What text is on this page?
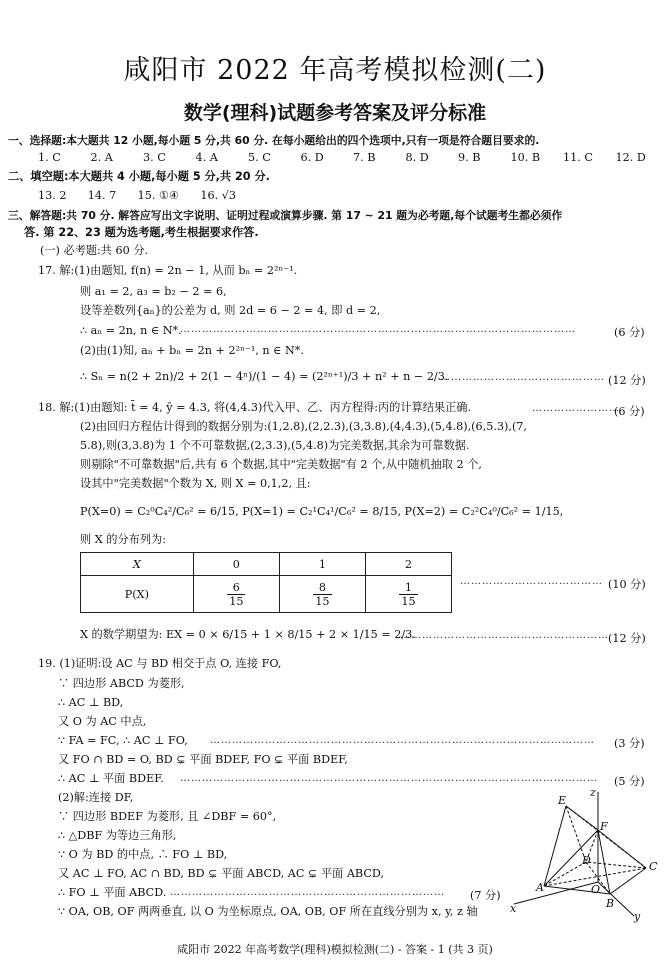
咸阳市 2022 年高考模拟检测(二)
数学(理科)试题参考答案及评分标准
一、选择题:本大题共 12 小题,每小题 5 分,共 60 分. 在每小题给出的四个选项中,只有一项是符合题目要求的.
1. C	2. A	3. C	4. A	5. C	6. D	7. B	8. D	9. B	10. B 11. C 12. D
二、填空题:本大题共 4 小题,每小题 5 分,共 20 分.
13. 2      14. 7      15. ①④      16. √3
三、解答题:共 70 分. 解答应写出文字说明、证明过程或演算步骤. 第 17 ~ 21 题为必考题,每个试题考生都必须作
答. 第 22、23 题为选考题,考生根据要求作答.
(一) 必考题:共 60 分.
17. 解:(1)由题知, f(n) = 2n − 1, 从而 bₙ = 2²ⁿ⁻¹.
则 a₁ = 2, a₃ = b₂ − 2 = 6,
设等差数列{aₙ}的公差为 d, 则 2d = 6 − 2 = 4, 即 d = 2,
∴ aₙ = 2n, n ∈ N*.
………………………………………………………………………………………………	(6 分)
(2)由(1)知, aₙ + bₙ = 2n + 2²ⁿ⁻¹, n ∈ N*.
∴ Sₙ = n(2 + 2n)/2 + 2(1 − 4ⁿ)/(1 − 4) = (2²ⁿ⁺¹)/3 + n² + n − 2/3.
……………………………………… (12 分)
18. 解:(1)由题知: t̄ = 4, ȳ = 4.3, 将(4,4.3)代入甲、乙、丙方程得:丙的计算结果正确.	……………………
(6 分)
(2)由回归方程估计得到的数据分别为:(1,2.8),(2,2.3),(3,3.8),(4,4.3),(5,4.8),(6,5.3),(7,
5.8),则(3,3.8)为 1 个不可靠数据,(2,3.3),(5,4.8)为完美数据,其余为可靠数据.
则剔除"不可靠数据"后,共有 6 个数据,其中"完美数据"有 2 个,从中随机抽取 2 个,
设其中"完美数据"个数为 X, 则 X = 0,1,2, 且:
P(X=0) = C₂⁰C₄²/C₆² = 6/15, P(X=1) = C₂¹C₄¹/C₆² = 8/15, P(X=2) = C₂²C₄⁰/C₆² = 1/15,
则 X 的分布列为:
X	0	1	2
P(X)	$\frac{6}{15}$	$\frac{8}{15}$	$\frac{1}{15}$	………………………………… (10 分)
X 的数学期望为: EX = 0 × 6/15 + 1 × 8/15 + 2 × 1/15 = 2/3.
………………………………………………… (12 分)
19. (1)证明:设 AC 与 BD 相交于点 O, 连接 FO,
∵ 四边形 ABCD 为菱形,
∴ AC ⊥ BD,
又 O 为 AC 中点,
∵ FA = FC, ∴ AC ⊥ FO, ……………………………………………………………………………………………	(3 分)
又 FO ∩ BD = O, BD ⊊ 平面 BDEF, FO ⊊ 平面 BDEF,
∴ AC ⊥ 平面 BDEF. ……………………………………………………………………………………………………	(5 分)
(2)解:连接 DF,
∵ 四边形 BDEF 为菱形, 且 ∠DBF = 60°,
∴ △DBF 为等边三角形,
∵ O 为 BD 的中点, ∴ FO ⊥ BD,
又 AC ⊥ FO, AC ∩ BD, BD ⊊ 平面 ABCD, AC ⊊ 平面 ABCD,
∴ FO ⊥ 平面 ABCD. …………………………………………………………………	(7 分)
∵ OA, OB, OF 两两垂直, 以 O 为坐标原点, OA, OB, OF 所在直线分别为 x, y, z 轴
E
F
D	C
A	O
B
x
y
z
咸阳市 2022 年高考数学(理科)模拟检测(二) - 答案 - 1 (共 3 页)
